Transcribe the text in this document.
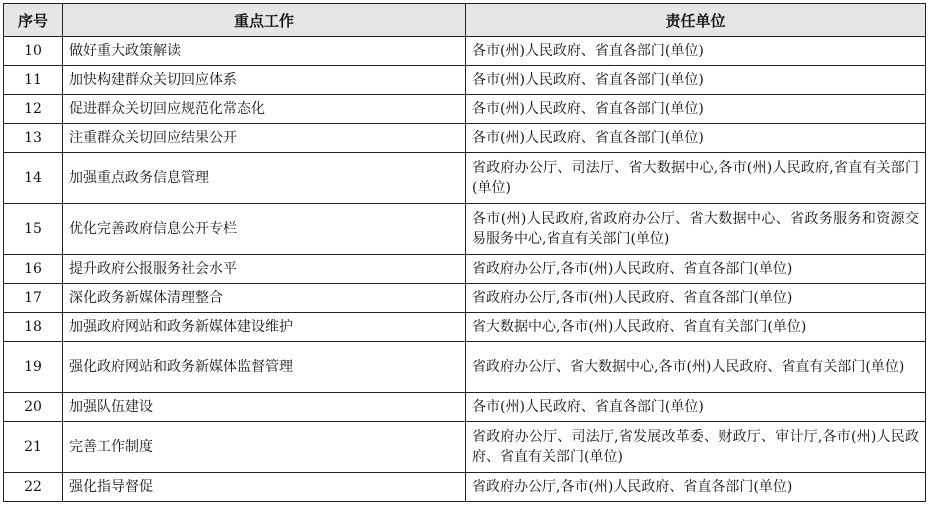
序号	重点工作	责任单位
10	做好重大政策解读	各市(州)人民政府、省直各部门(单位)
11	加快构建群众关切回应体系	各市(州)人民政府、省直各部门(单位)
12	促进群众关切回应规范化常态化	各市(州)人民政府、省直各部门(单位)
13	注重群众关切回应结果公开	各市(州)人民政府、省直各部门(单位)
14	加强重点政务信息管理	省政府办公厅、司法厅、省大数据中心,各市(州)人民政府,省直有关部门(单位)
15	优化完善政府信息公开专栏	各市(州)人民政府,省政府办公厅、省大数据中心、省政务服务和资源交易服务中心,省直有关部门(单位)
16	提升政府公报服务社会水平	省政府办公厅,各市(州)人民政府、省直各部门(单位)
17	深化政务新媒体清理整合	省政府办公厅,各市(州)人民政府、省直各部门(单位)
18	加强政府网站和政务新媒体建设维护	省大数据中心,各市(州)人民政府、省直有关部门(单位)
19	强化政府网站和政务新媒体监督管理	省政府办公厅、省大数据中心,各市(州)人民政府、省直有关部门(单位)
20	加强队伍建设	各市(州)人民政府、省直各部门(单位)
21	完善工作制度	省政府办公厅、司法厅,省发展改革委、财政厅、审计厅,各市(州)人民政府、省直有关部门(单位)
22	强化指导督促	省政府办公厅,各市(州)人民政府、省直各部门(单位)
